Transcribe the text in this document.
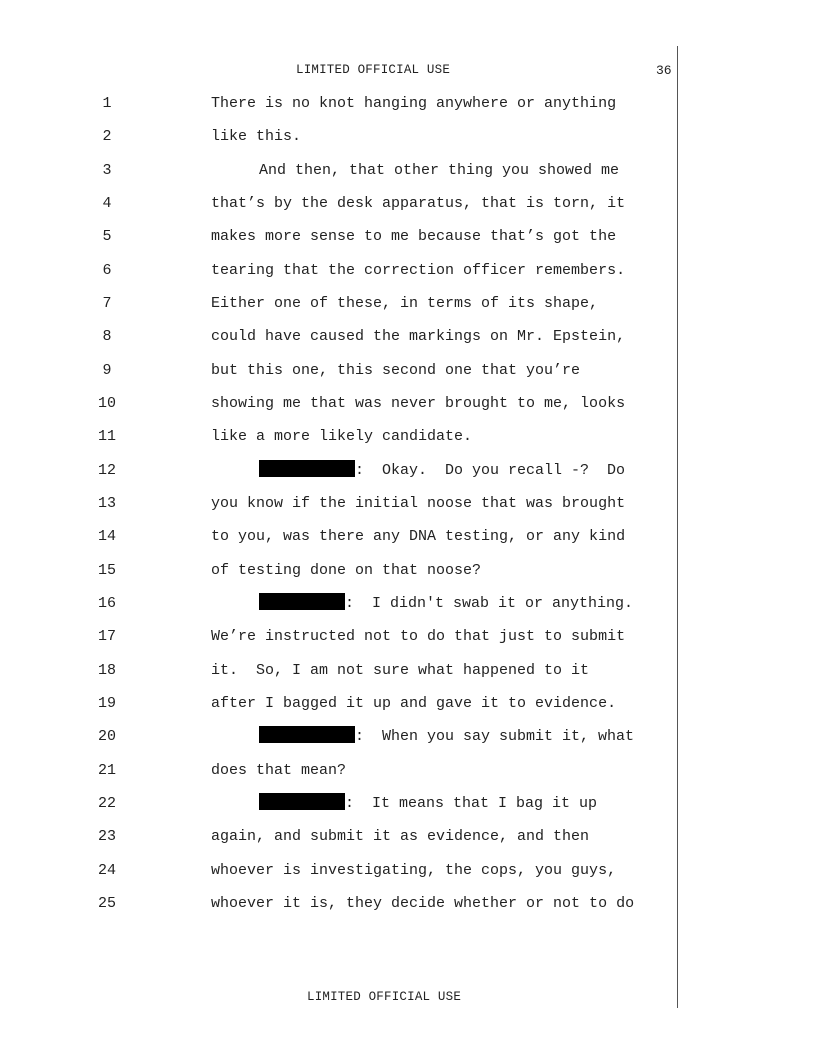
LIMITED OFFICIAL USE	36
1	There is no knot hanging anywhere or anything
2	like this.
3	And then, that other thing you showed me
4	that’s by the desk apparatus, that is torn, it
5	makes more sense to me because that’s got the
6	tearing that the correction officer remembers.
7	Either one of these, in terms of its shape,
8	could have caused the markings on Mr. Epstein,
9	but this one, this second one that you’re
10	showing me that was never brought to me, looks
11	like a more likely candidate.
12	:  Okay.  Do you recall -?  Do
13	you know if the initial noose that was brought
14	to you, was there any DNA testing, or any kind
15	of testing done on that noose?
16	:  I didn't swab it or anything.
17	We’re instructed not to do that just to submit
18	it.  So, I am not sure what happened to it
19	after I bagged it up and gave it to evidence.
20	:  When you say submit it, what
21	does that mean?
22	:  It means that I bag it up
23	again, and submit it as evidence, and then
24	whoever is investigating, the cops, you guys,
25	whoever it is, they decide whether or not to do
LIMITED OFFICIAL USE
